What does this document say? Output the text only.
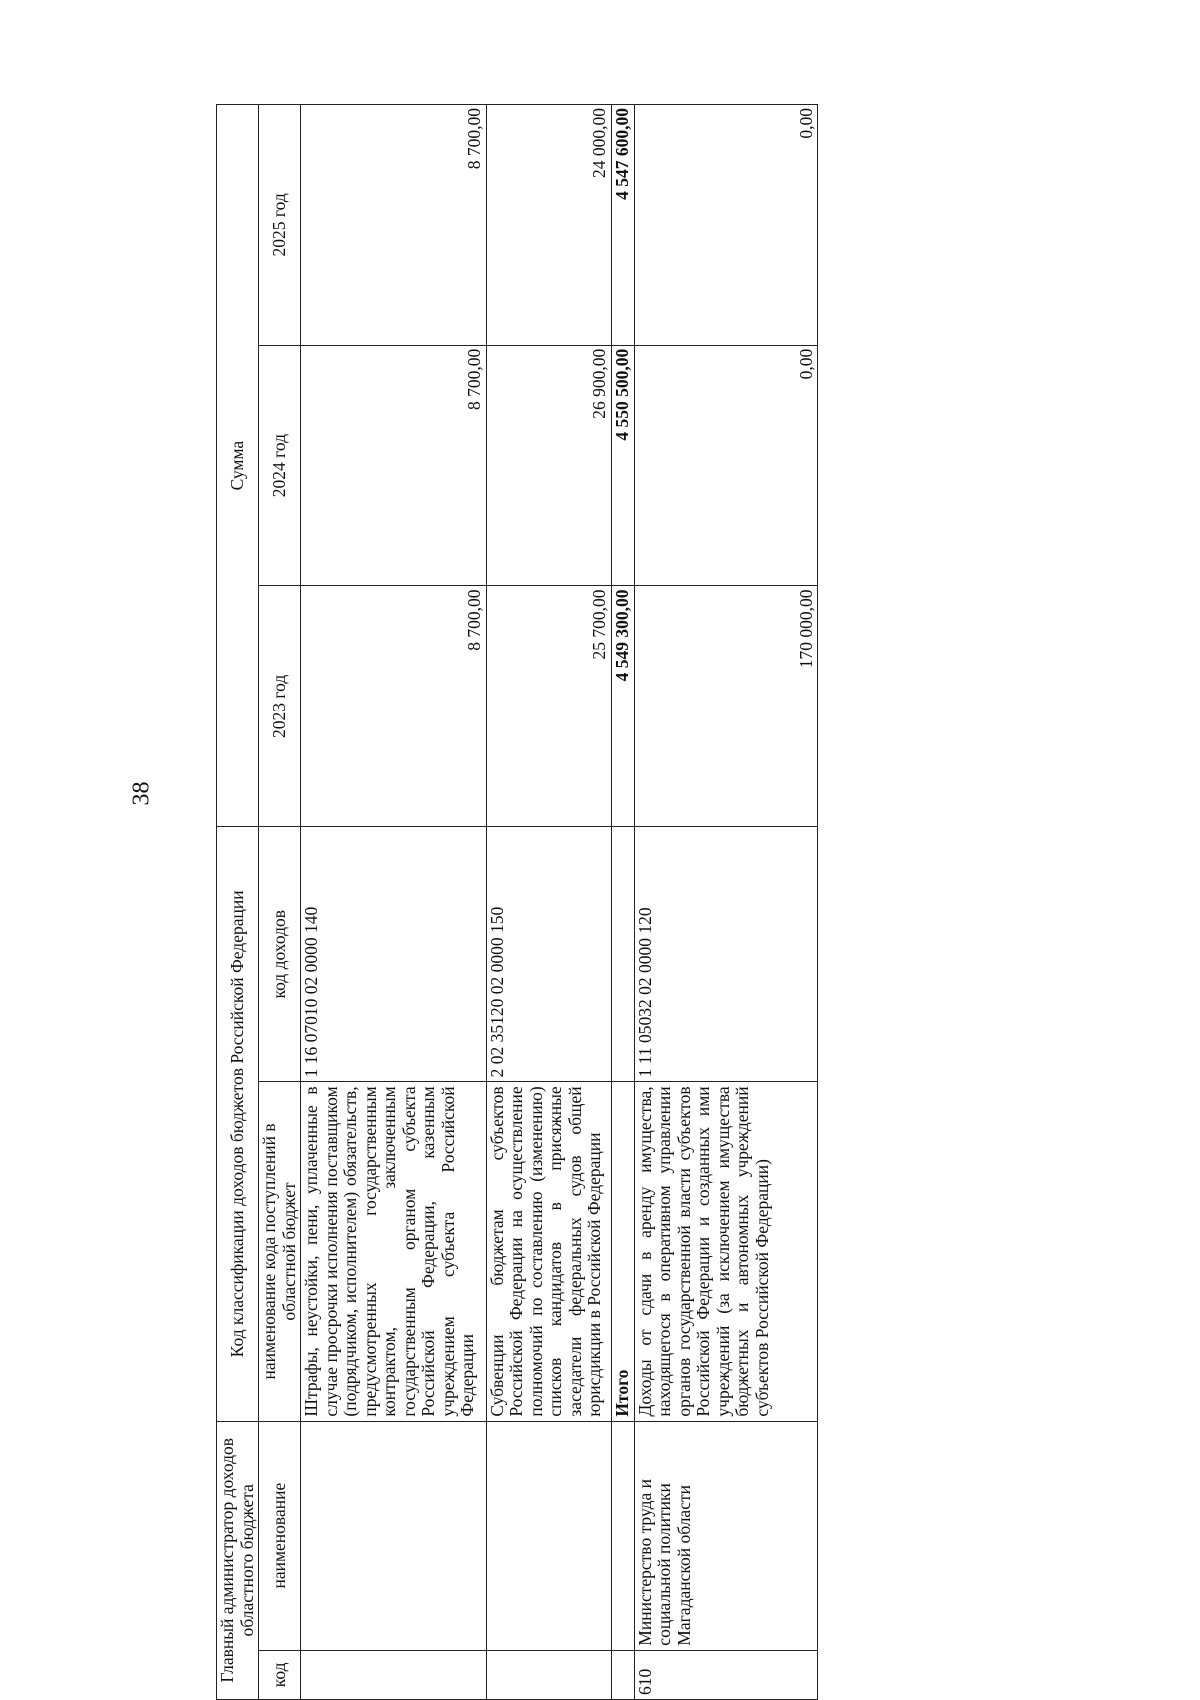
38
Главный администратор доходов областного бюджета		Код классификации доходов бюджетов Российской Федерации		Сумма		
код	наименование	наименование кода поступлений в областной бюджет	код доходов	2023 год	2024 год	2025 год
		Штрафы, неустойки, пени, уплаченные в случае просрочки исполнения поставщиком (подрядчиком, исполнителем) обязательств, предусмотренных государственным контрактом, заключенным государственным органом субъекта Российской Федерации, казенным учреждением субъекта Российской Федерации	1 16 07010 02 0000 140	8 700,00	8 700,00	8 700,00
		Субвенции бюджетам субъектов Российской Федерации на осуществление полномочий по составлению (изменению) списков кандидатов в присяжные заседатели федеральных судов общей юрисдикции в Российской Федерации	2 02 35120 02 0000 150	25 700,00	26 900,00	24 000,00
		Итого		4 549 300,00	4 550 500,00	4 547 600,00
610	Министерство труда и социальной политики Магаданской области	Доходы от сдачи в аренду имущества, находящегося в оперативном управлении органов государственной власти субъектов Российской Федерации и созданных ими учреждений (за исключением имущества бюджетных и автономных учреждений субъектов Российской Федерации)	1 11 05032 02 0000 120	170 000,00	0,00	0,00
